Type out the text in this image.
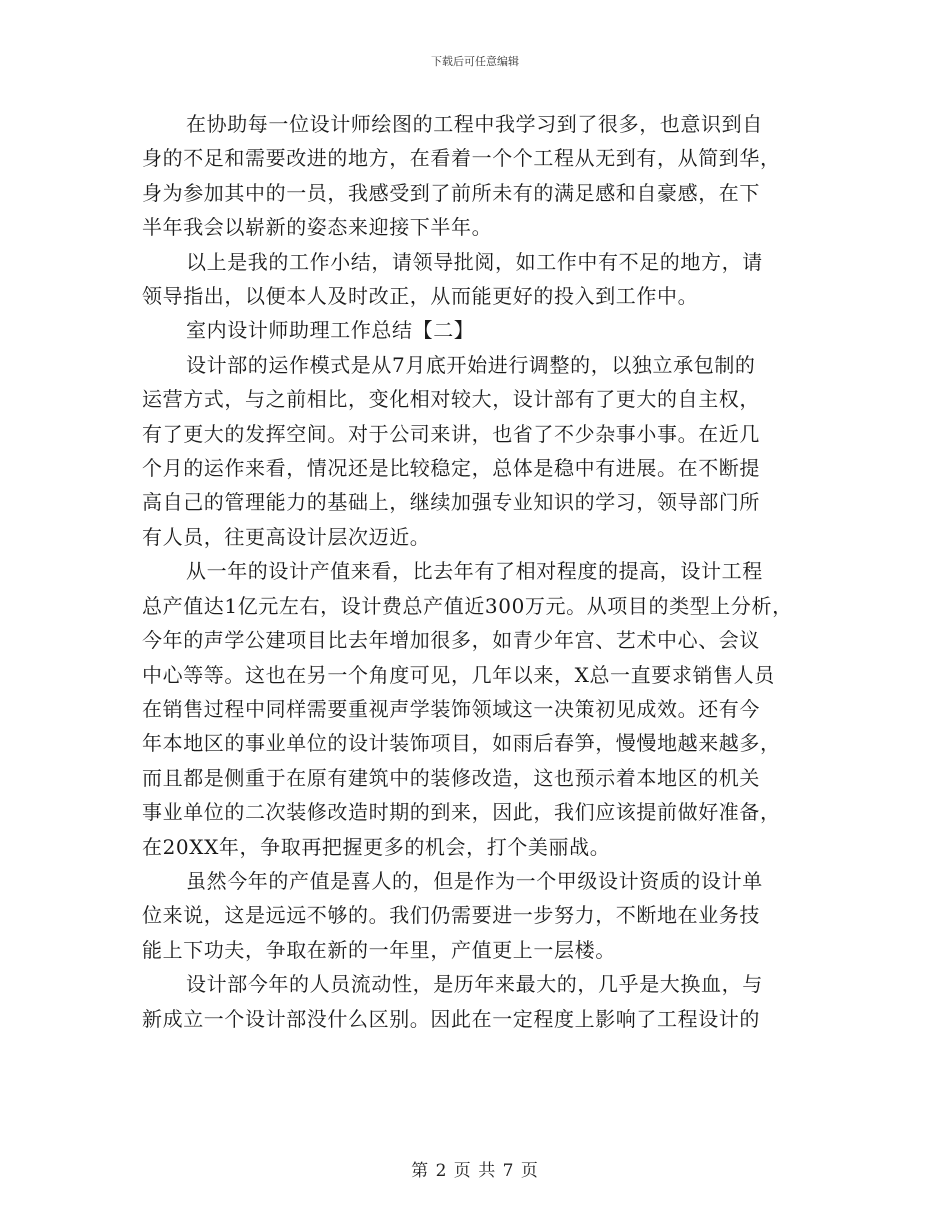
下载后可任意编辑

在协助每一位设计师绘图的工程中我学习到了很多，也意识到自
身的不足和需要改进的地方，在看着一个个工程从无到有，从简到华，
身为参加其中的一员，我感受到了前所未有的满足感和自豪感，在下
半年我会以崭新的姿态来迎接下半年。

以上是我的工作小结，请领导批阅，如工作中有不足的地方，请
领导指出，以便本人及时改正，从而能更好的投入到工作中。

室内设计师助理工作总结【二】

设计部的运作模式是从7月底开始进行调整的，以独立承包制的
运营方式，与之前相比，变化相对较大，设计部有了更大的自主权，
有了更大的发挥空间。对于公司来讲，也省了不少杂事小事。在近几
个月的运作来看，情况还是比较稳定，总体是稳中有进展。在不断提
高自己的管理能力的基础上，继续加强专业知识的学习，领导部门所
有人员，往更高设计层次迈近。

从一年的设计产值来看，比去年有了相对程度的提高，设计工程
总产值达1亿元左右，设计费总产值近300万元。从项目的类型上分析，
今年的声学公建项目比去年增加很多，如青少年宫、艺术中心、会议
中心等等。这也在另一个角度可见，几年以来，X总一直要求销售人员
在销售过程中同样需要重视声学装饰领域这一决策初见成效。还有今
年本地区的事业单位的设计装饰项目，如雨后春笋，慢慢地越来越多，
而且都是侧重于在原有建筑中的装修改造，这也预示着本地区的机关
事业单位的二次装修改造时期的到来，因此，我们应该提前做好准备，
在20XX年，争取再把握更多的机会，打个美丽战。

虽然今年的产值是喜人的，但是作为一个甲级设计资质的设计单
位来说，这是远远不够的。我们仍需要进一步努力，不断地在业务技
能上下功夫，争取在新的一年里，产值更上一层楼。

设计部今年的人员流动性，是历年来最大的，几乎是大换血，与
新成立一个设计部没什么区别。因此在一定程度上影响了工程设计的

第 2 页 共 7 页
